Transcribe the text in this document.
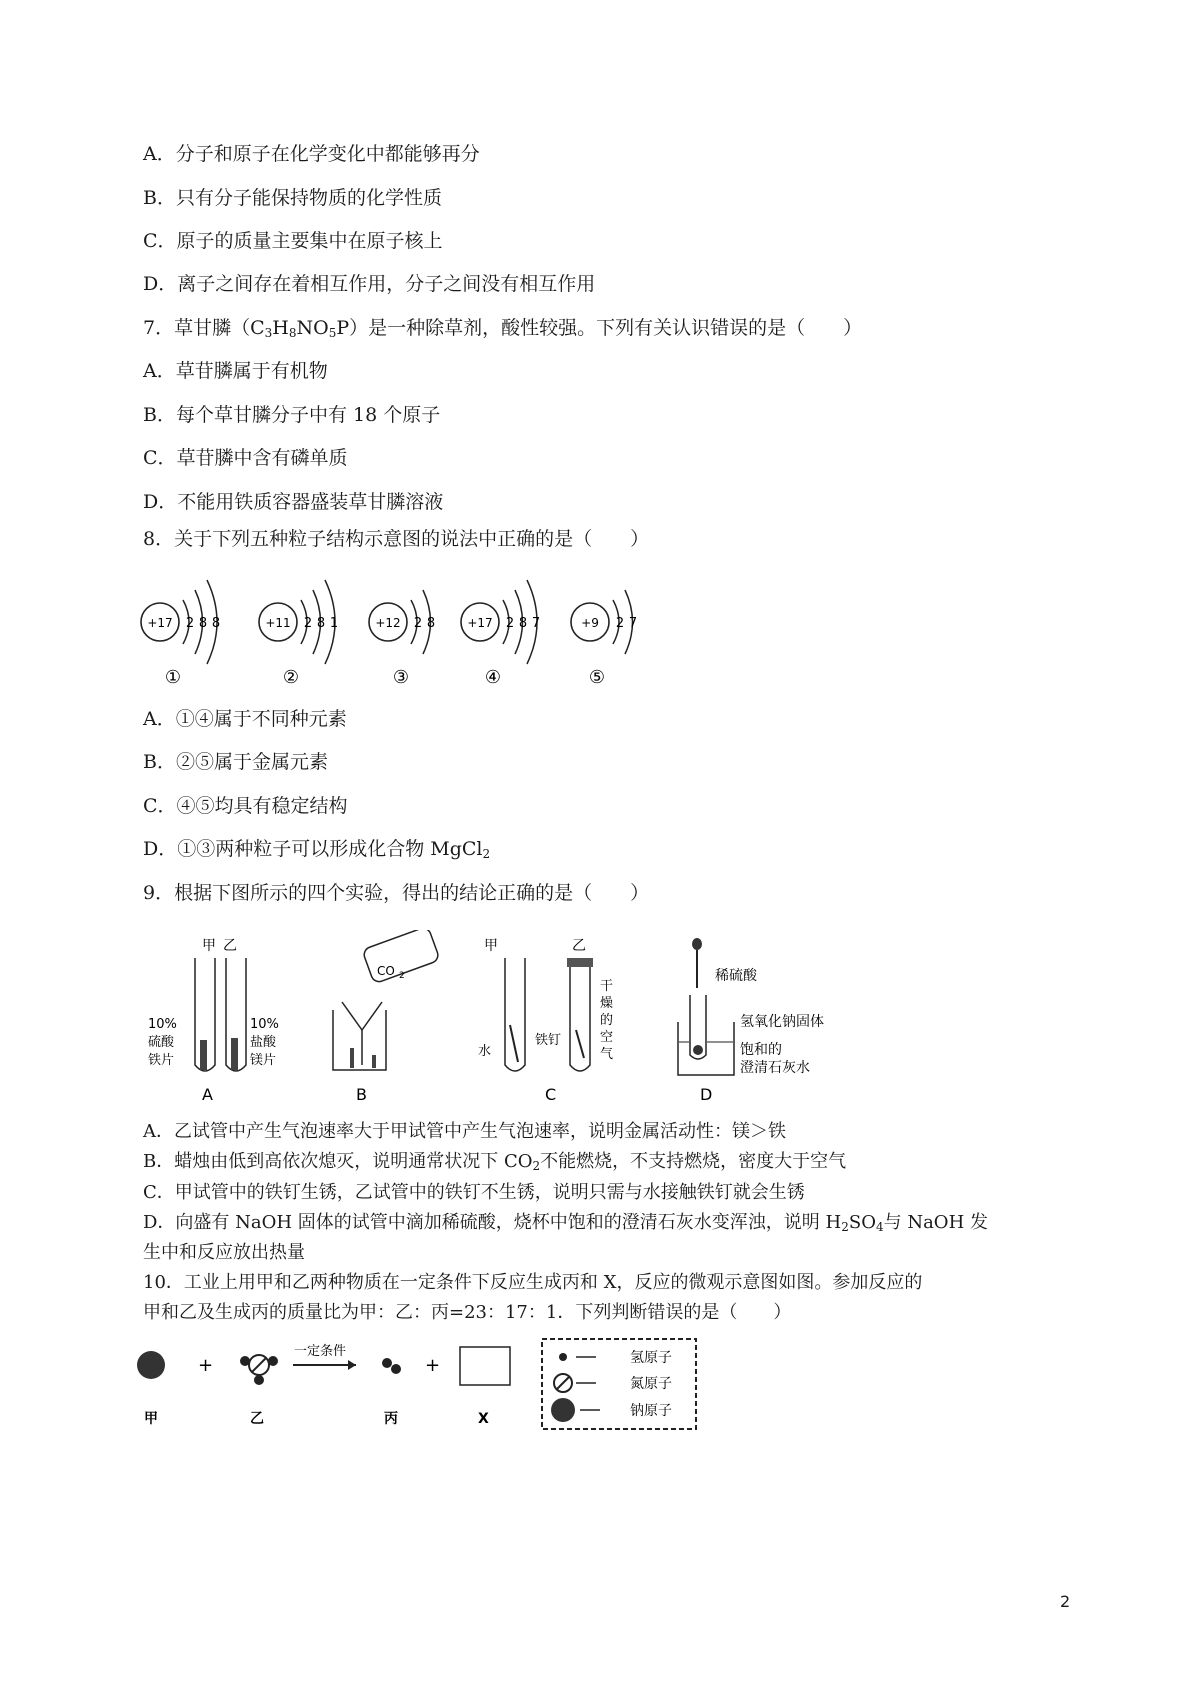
A．分子和原子在化学变化中都能够再分
B．只有分子能保持物质的化学性质
C．原子的质量主要集中在原子核上
D．离子之间存在着相互作用，分子之间没有相互作用
7．草甘膦$(C_3H_8NO_5P)$是一种除草剂，酸性较强。下列有关认识错误的是（　　）
A．草苷膦属于有机物
B．每个草甘膦分子中有 18 个原子
C．草苷膦中含有磷单质
D．不能用铁质容器盛装草甘膦溶液
8．关于下列五种粒子结构示意图的说法中正确的是（　　）
+17 2 8 8
①
+11 2 8 1
②
+12 2 8
③
+17 2 8 7
④
+9 2 7
⑤
A．①④属于不同种元素
B．②⑤属于金属元素
C．④⑤均具有稳定结构
D．①③两种粒子可以形成化合物 MgCl$_2$
9．根据下图所示的四个实验，得出的结论正确的是（　　）
甲 乙
10%
硫酸
铁片
10%
盐酸
镁片
A
CO 2
B
甲	乙
水
铁钉
干
燥
的
空
气
C
稀硫酸
氢氧化钠固体
饱和的
澄清石灰水
D
A．乙试管中产生气泡速率大于甲试管中产生气泡速率，说明金属活动性：镁＞铁
B．蜡烛由低到高依次熄灭，说明通常状况下 $CO_2$不能燃烧，不支持燃烧，密度大于空气
C．甲试管中的铁钉生锈，乙试管中的铁钉不生锈，说明只需与水接触铁钉就会生锈
D．向盛有 NaOH 固体的试管中滴加稀硫酸，烧杯中饱和的澄清石灰水变浑浊，说明 $H_2SO_4$与 NaOH 发
生中和反应放出热量
10．工业上用甲和乙两种物质在一定条件下反应生成丙和 X，反应的微观示意图如图。参加反应的
甲和乙及生成丙的质量比为甲：乙：丙=23：17：1．下列判断错误的是（　　）
+
一定条件
+
甲	乙	丙	X
氢原子
氮原子
钠原子
2
